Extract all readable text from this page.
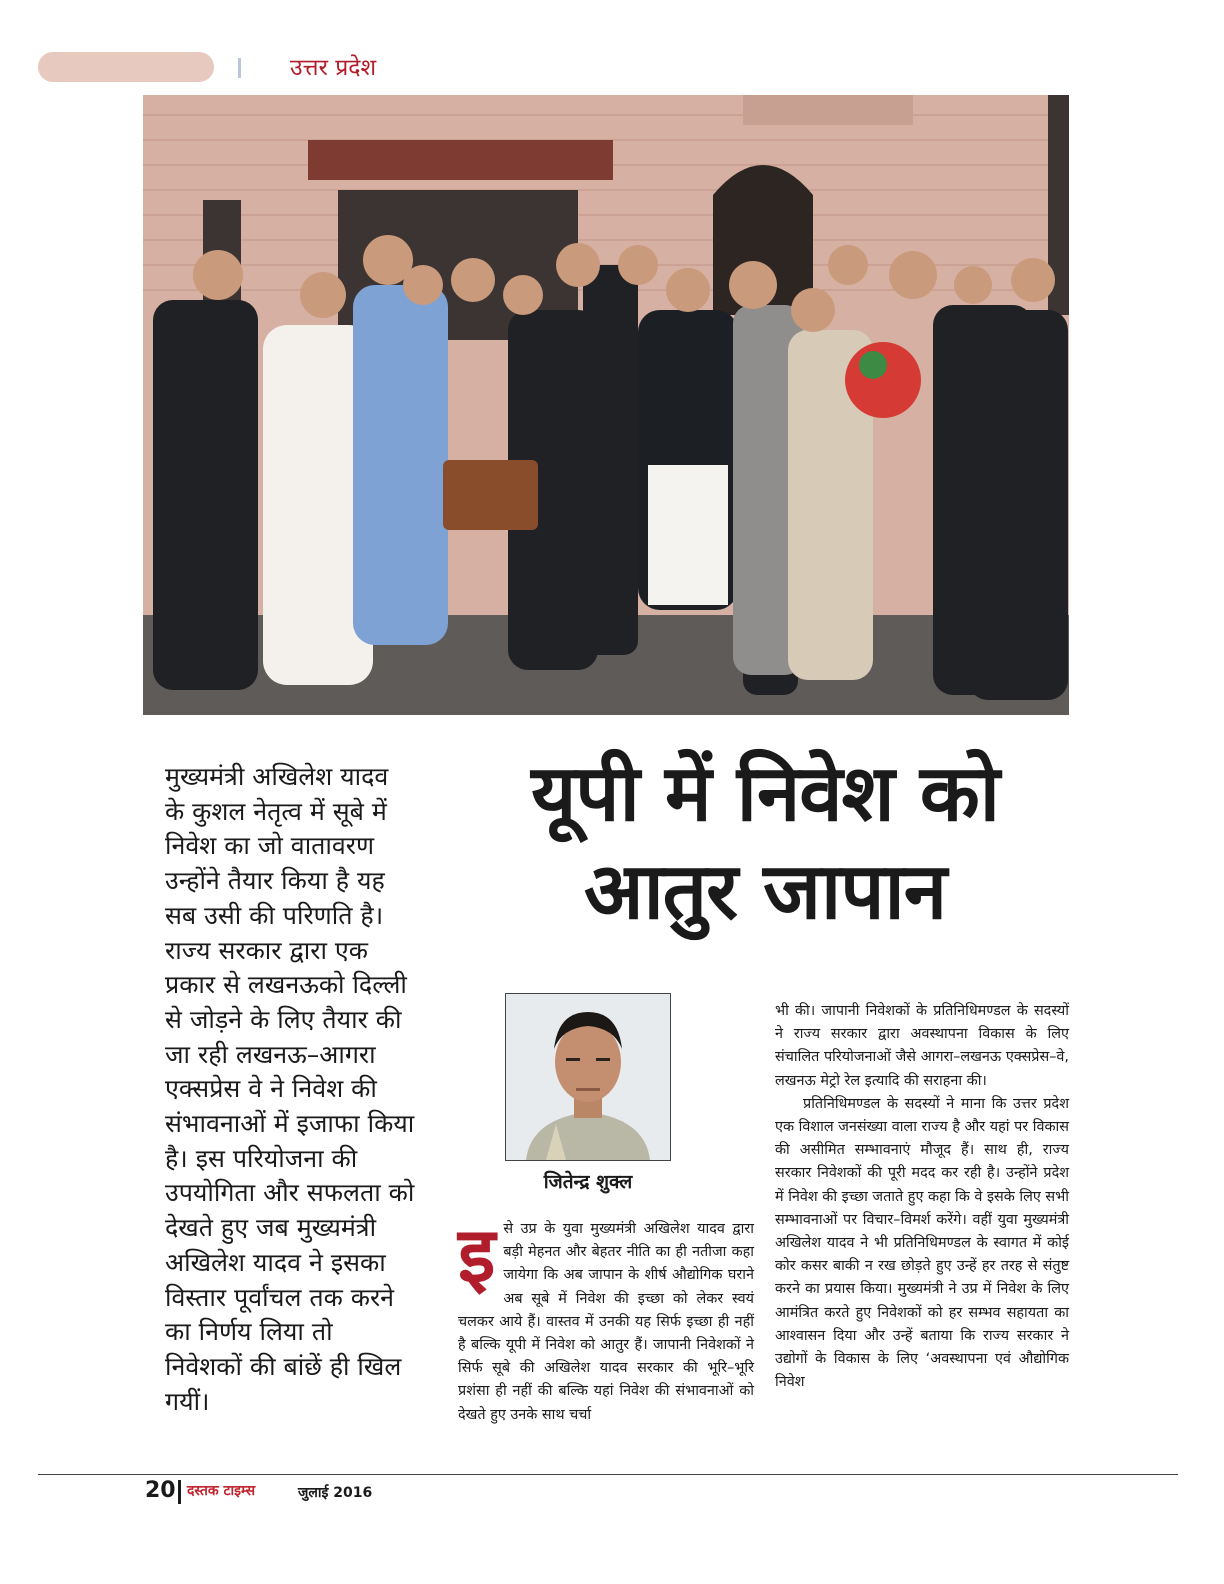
उत्तर प्रदेश
मुख्यमंत्री अखिलेश यादव के कुशल नेतृत्व में सूबे में निवेश का जो वातावरण उन्होंने तैयार किया है यह सब उसी की परिणति है। राज्य सरकार द्वारा एक प्रकार से लखनऊको दिल्ली से जोड़ने के लिए तैयार की जा रही लखनऊ–आगरा एक्सप्रेस वे ने निवेश की संभावनाओं में इजाफा किया है। इस परियोजना की उपयोगिता और सफलता को देखते हुए जब मुख्यमंत्री अखिलेश यादव ने इसका विस्तार पूर्वांचल तक करने का निर्णय लिया तो निवेशकों की बांछें ही खिल गयीं।
यूपी में निवेश को
आतुर जापान
जितेन्द्र शुक्ल
इ से उप्र के युवा मुख्यमंत्री अखिलेश यादव द्वारा बड़ी मेहनत और बेहतर नीति का ही नतीजा कहा जायेगा कि अब जापान के शीर्ष औद्योगिक घराने अब सूबे में निवेश की इच्छा को लेकर स्वयं चलकर आये हैं। वास्तव में उनकी यह सिर्फ इच्छा ही नहीं है बल्कि यूपी में निवेश को आतुर हैं। जापानी निवेशकों ने सिर्फ सूबे की अखिलेश यादव सरकार की भूरि–भूरि प्रशंसा ही नहीं की बल्कि यहां निवेश की संभावनाओं को देखते हुए उनके साथ चर्चा

भी की। जापानी निवेशकों के प्रतिनिधिमण्डल के सदस्यों ने राज्य सरकार द्वारा अवस्थापना विकास के लिए संचालित परियोजनाओं जैसे आगरा–लखनऊ एक्सप्रेस–वे, लखनऊ मेट्रो रेल इत्यादि की सराहना की।

प्रतिनिधिमण्डल के सदस्यों ने माना कि उत्तर प्रदेश एक विशाल जनसंख्या वाला राज्य है और यहां पर विकास की असीमित सम्भावनाएं मौजूद हैं। साथ ही, राज्य सरकार निवेशकों की पूरी मदद कर रही है। उन्होंने प्रदेश में निवेश की इच्छा जताते हुए कहा कि वे इसके लिए सभी सम्भावनाओं पर विचार–विमर्श करेंगे। वहीं युवा मुख्यमंत्री अखिलेश यादव ने भी प्रतिनिधिमण्डल के स्वागत में कोई कोर कसर बाकी न रख छोड़ते हुए उन्हें हर तरह से संतुष्ट करने का प्रयास किया। मुख्यमंत्री ने उप्र में निवेश के लिए आमंत्रित करते हुए निवेशकों को हर सम्भव सहायता का आश्वासन दिया और उन्हें बताया कि राज्य सरकार ने उद्योगों के विकास के लिए ‘अवस्थापना एवं औद्योगिक निवेश

20 दस्तक टाइम्स	जुलाई 2016
